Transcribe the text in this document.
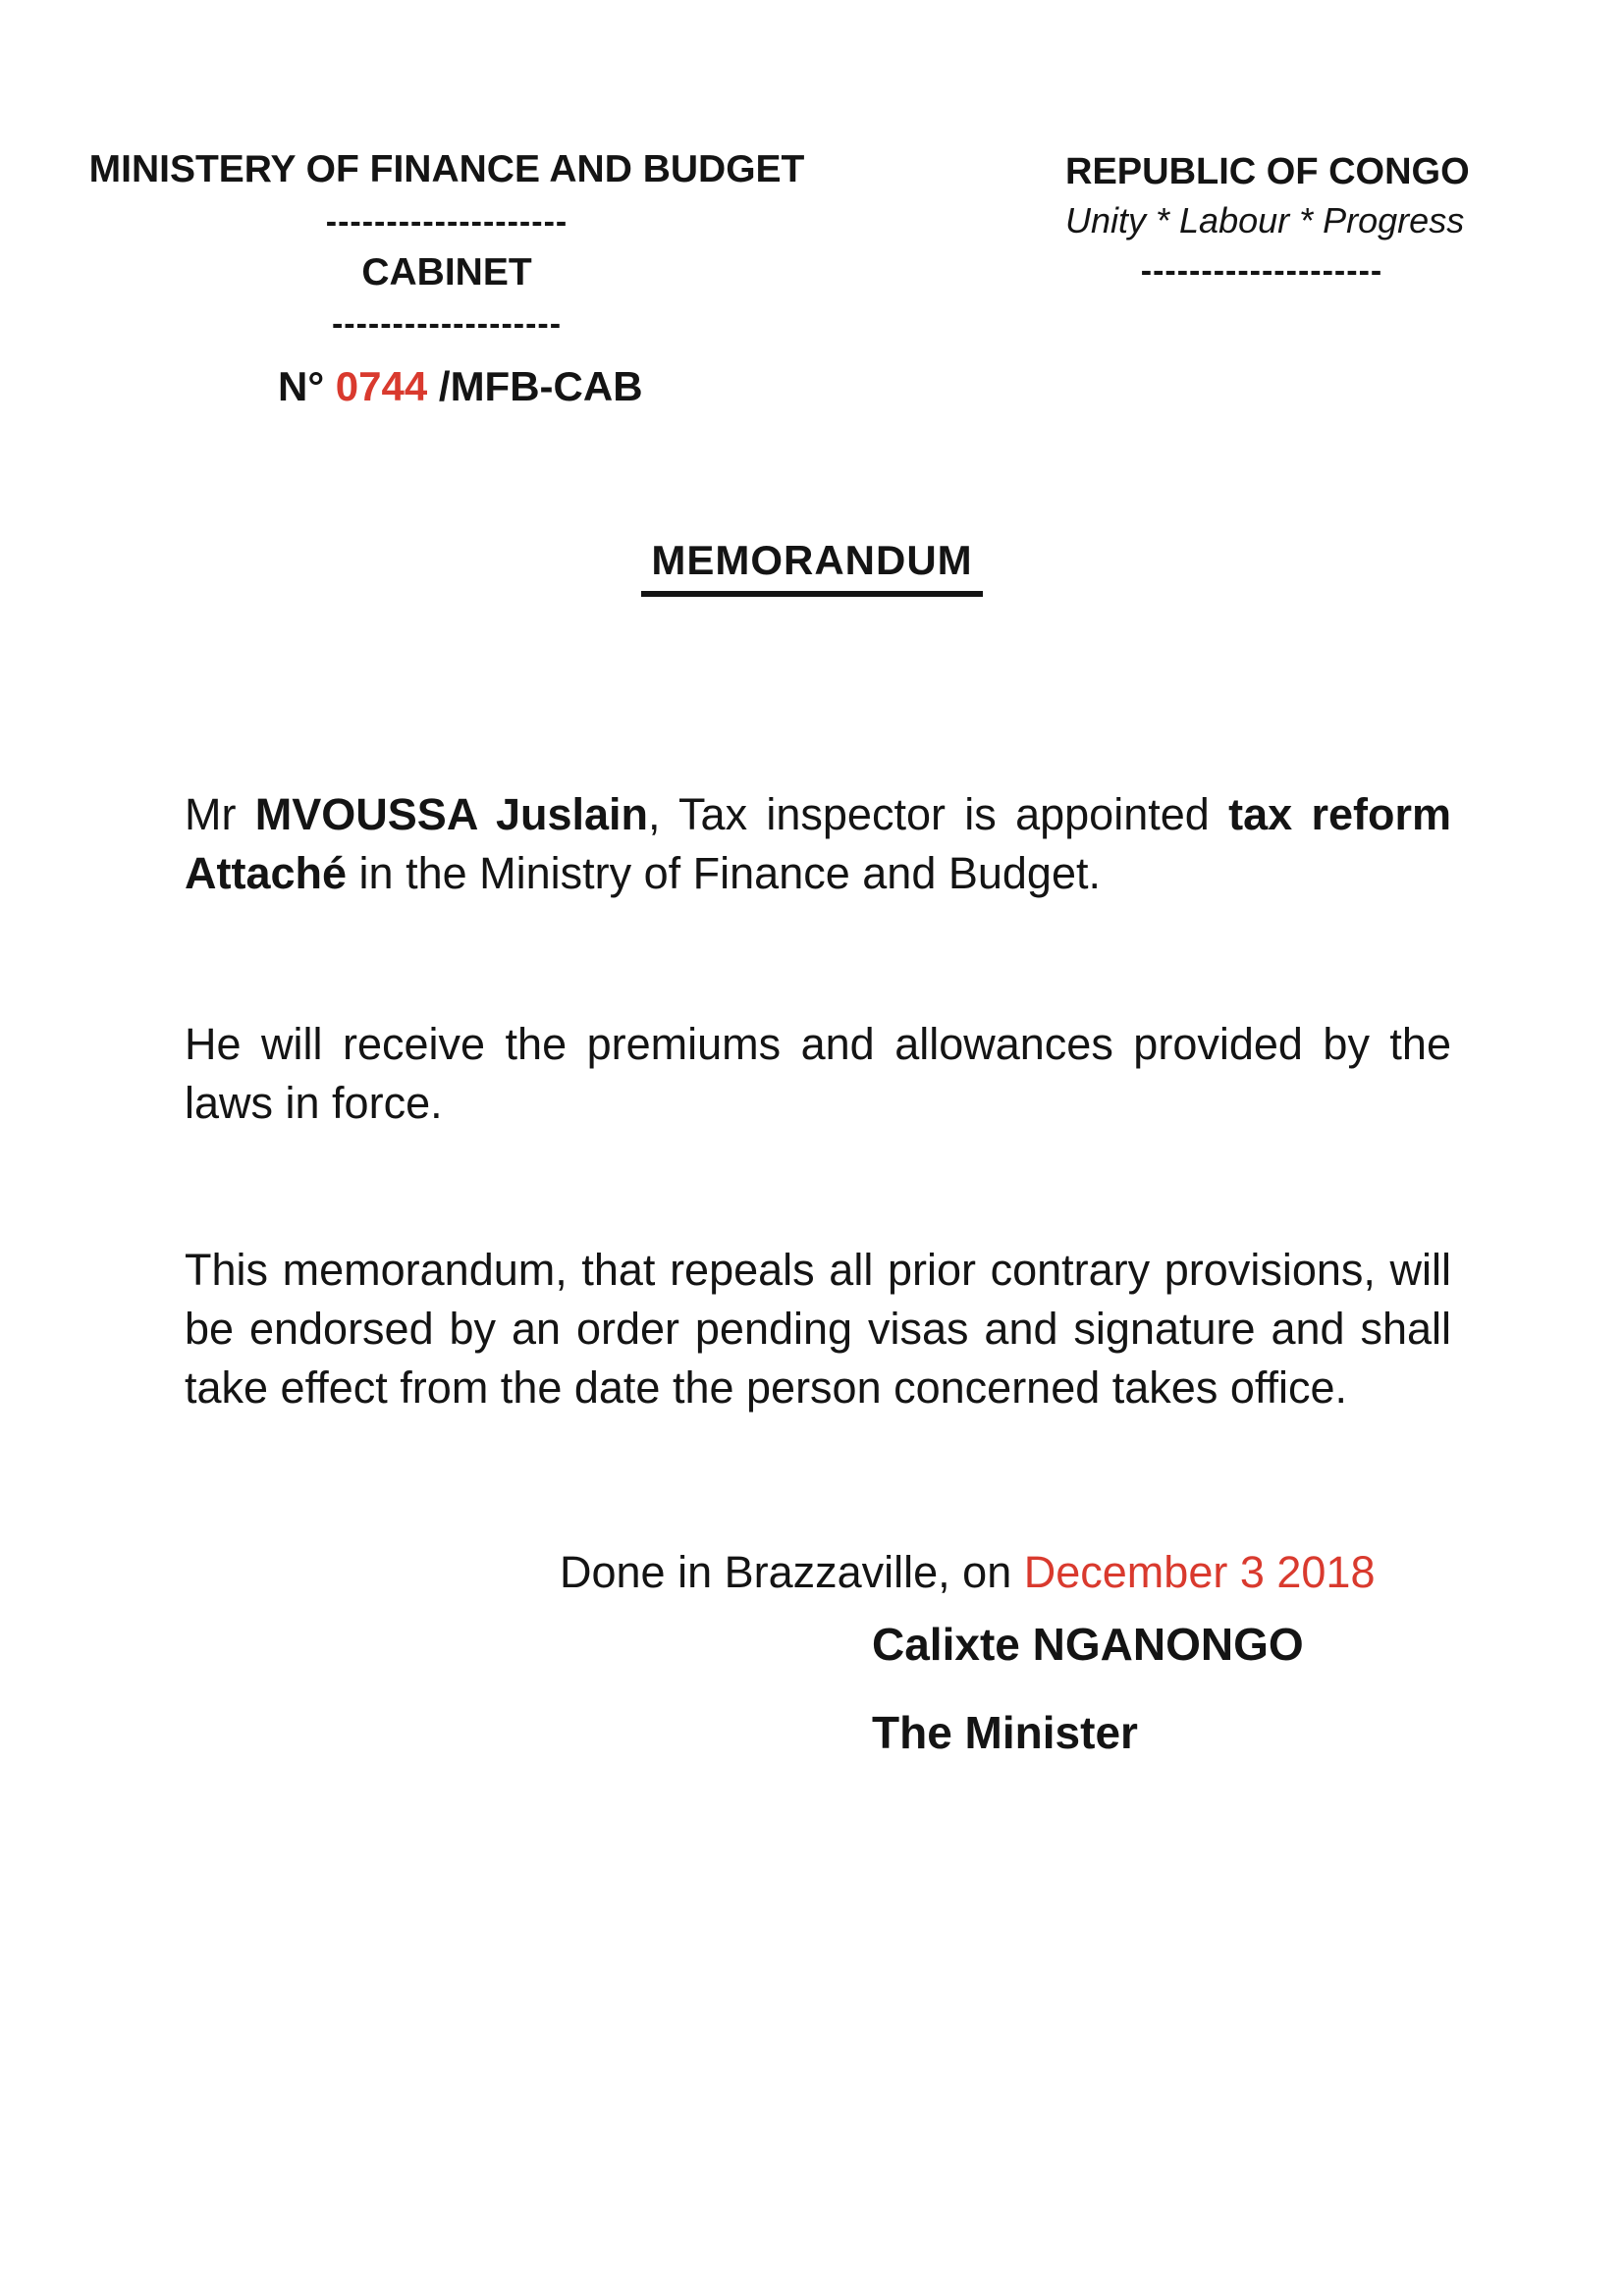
MINISTERY OF FINANCE AND BUDGET
--------------------
CABINET
-------------------
REPUBLIC OF CONGO
Unity * Labour * Progress
--------------------
N° 0744 /MFB-CAB
MEMORANDUM
Mr MVOUSSA Juslain, Tax inspector is appointed tax reform
Attaché in the Ministry of Finance and Budget.
He will receive the premiums and allowances provided by the
laws in force.
This memorandum, that repeals all prior contrary provisions, will
be endorsed by an order pending visas and signature and shall
take effect from the date the person concerned takes office.
Done in Brazzaville, on December 3 2018
Calixte NGANONGO
The Minister
